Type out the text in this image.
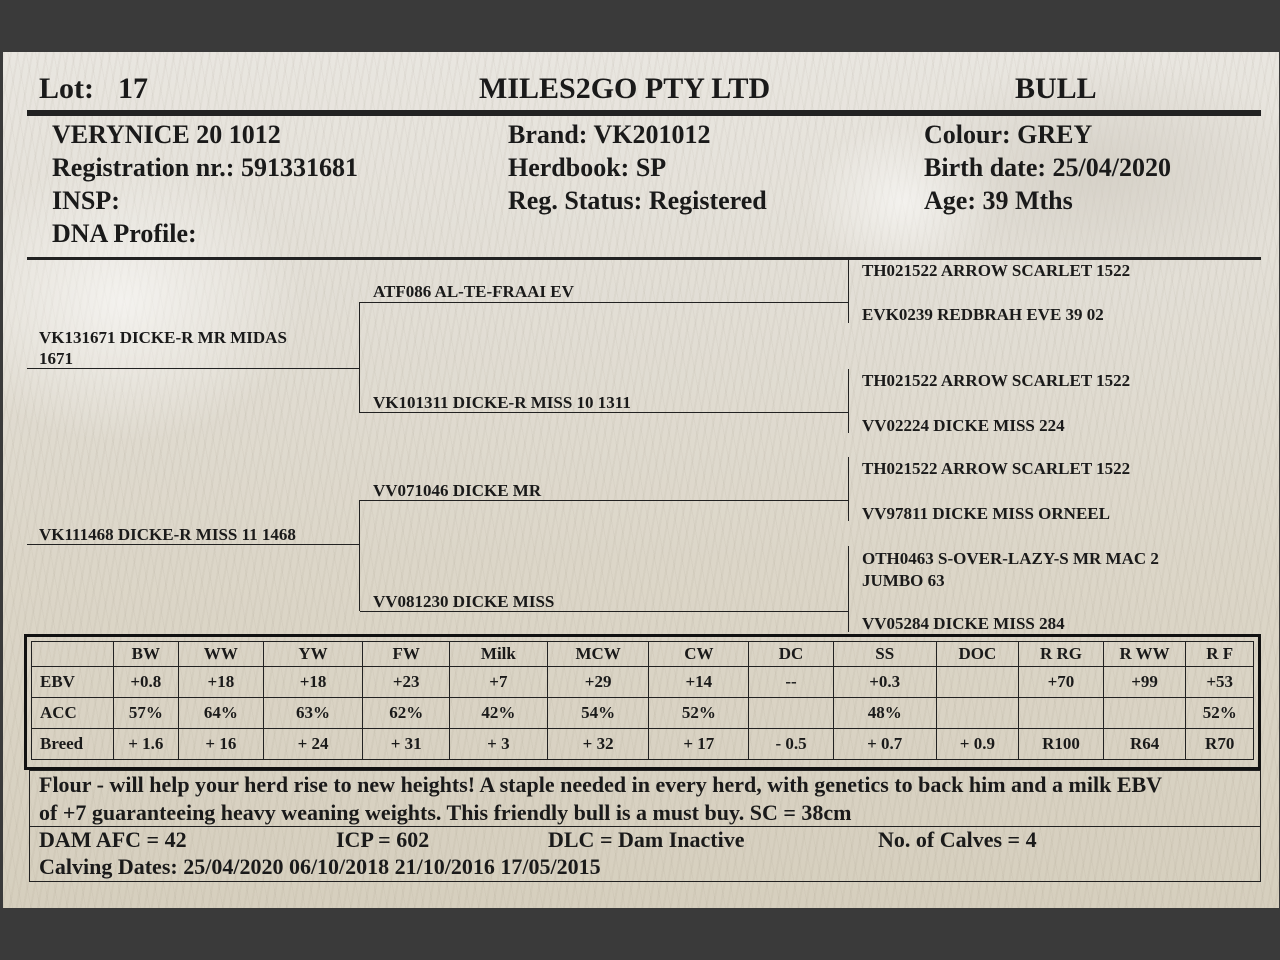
Lot: 17	MILES2GO PTY LTD	BULL
VERYNICE 20 1012
Registration nr.: 591331681
INSP:
DNA Profile:
Brand: VK201012
Herdbook: SP
Reg. Status: Registered
Colour: GREY
Birth date: 25/04/2020
Age: 39 Mths
VK131671 DICKE-R MR MIDAS
1671
VK111468 DICKE-R MISS 11 1468
ATF086 AL-TE-FRAAI EV
VK101311 DICKE-R MISS 10 1311
VV071046 DICKE MR
VV081230 DICKE MISS
TH021522 ARROW SCARLET 1522
EVK0239 REDBRAH EVE 39 02
TH021522 ARROW SCARLET 1522
VV02224 DICKE MISS 224
TH021522 ARROW SCARLET 1522
VV97811 DICKE MISS ORNEEL
OTH0463 S-OVER-LAZY-S MR MAC 2
JUMBO 63
VV05284 DICKE MISS 284
	BW	WW	YW	FW	Milk	MCW	CW	DC	SS	DOC	R RG	R WW	R F
EBV	+0.8	+18	+18	+23	+7	+29	+14	--	+0.3		+70	+99	+53
ACC	57%	64%	63%	62%	42%	54%	52%		48%				52%
Breed	+ 1.6	+ 16	+ 24	+ 31	+ 3	+ 32	+ 17	- 0.5	+ 0.7	+ 0.9	R100	R64	R70
Flour - will help your herd rise to new heights! A staple needed in every herd, with genetics to back him and a milk EBV
of +7 guaranteeing heavy weaning weights. This friendly bull is a must buy. SC = 38cm
DAM AFC = 42	ICP = 602	DLC = Dam Inactive	No. of Calves = 4
Calving Dates: 25/04/2020 06/10/2018 21/10/2016 17/05/2015
